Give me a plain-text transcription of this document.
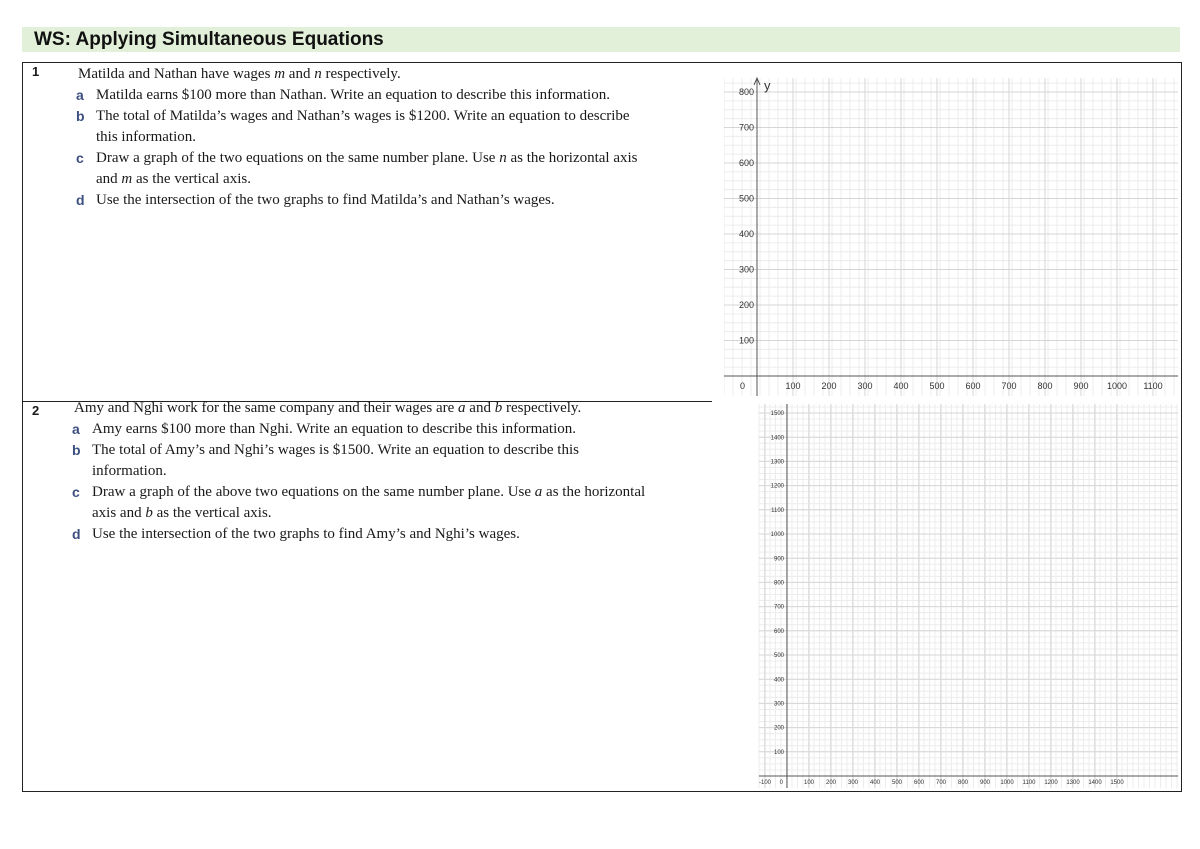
WS: Applying Simultaneous Equations
1	Matilda and Nathan have wages m and n respectively.
a Matilda earns $100 more than Nathan. Write an equation to describe this information.
b The total of Matilda’s wages and Nathan’s wages is $1200. Write an equation to describe
this information.
c Draw a graph of the two equations on the same number plane. Use n as the horizontal axis
and m as the vertical axis.
d Use the intersection of the two graphs to find Matilda’s and Nathan’s wages.
y
0	100 200 300 400 500 600 700 800 900 1000 1100
100
200
300
400
500
600
700
800
2 Amy and Nghi work for the same company and their wages are a and b respectively.
a Amy earns $100 more than Nghi. Write an equation to describe this information.
b The total of Amy’s and Nghi’s wages is $1500. Write an equation to describe this
information.
c Draw a graph of the above two equations on the same number plane. Use a as the horizontal
axis and b as the vertical axis.
d Use the intersection of the two graphs to find Amy’s and Nghi’s wages.
-100 0	100 200 300 400 500 600 700 800 900 1000 1100 1200 1300 1400 1500
100
200
300
400
500
600
700
800
900
1000
1100
1200
1300
1400
1500
